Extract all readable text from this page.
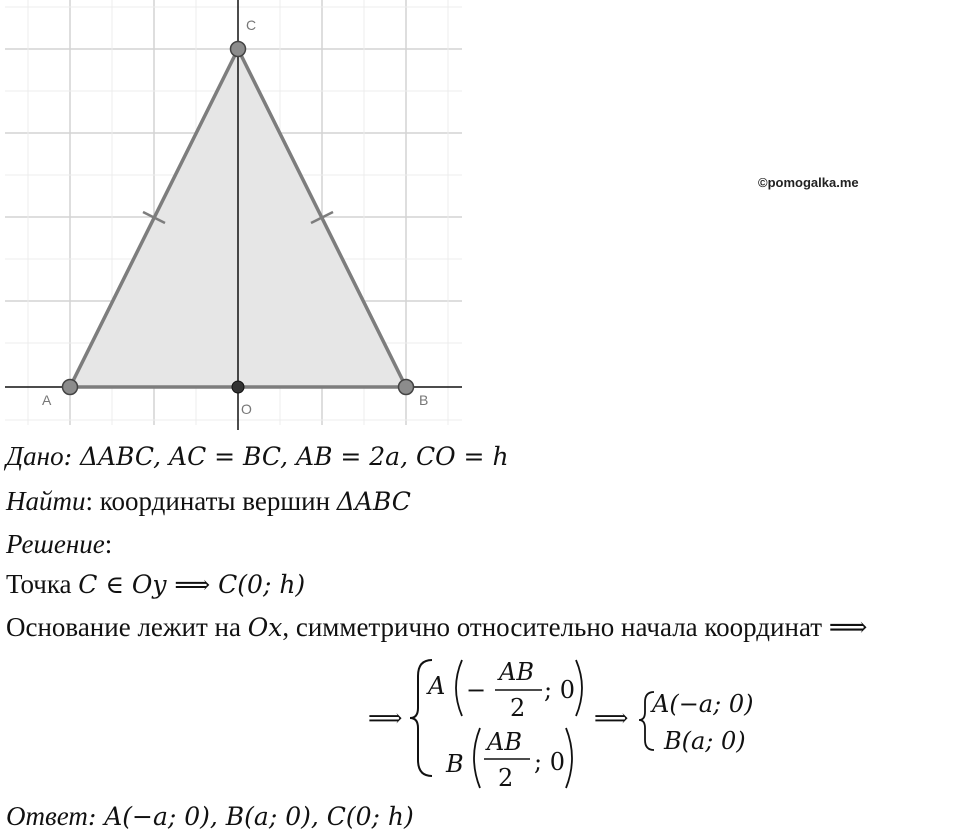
C
A	B
O
©pomogalka.me
Дано: ΔABC, AC = BC, AB = 2a, CO = h
Найти: координаты вершин ΔABC
Решение:
Точка C ∈ Oy ⟹ C(0; h)
Основание лежит на Ox, симметрично относительно начала координат ⟹
⟹
A −
AB
2
; 0
B
AB
2
; 0
⟹ A(−a; 0)
B(a; 0)
Ответ: A(−a; 0), B(a; 0), C(0; h)
